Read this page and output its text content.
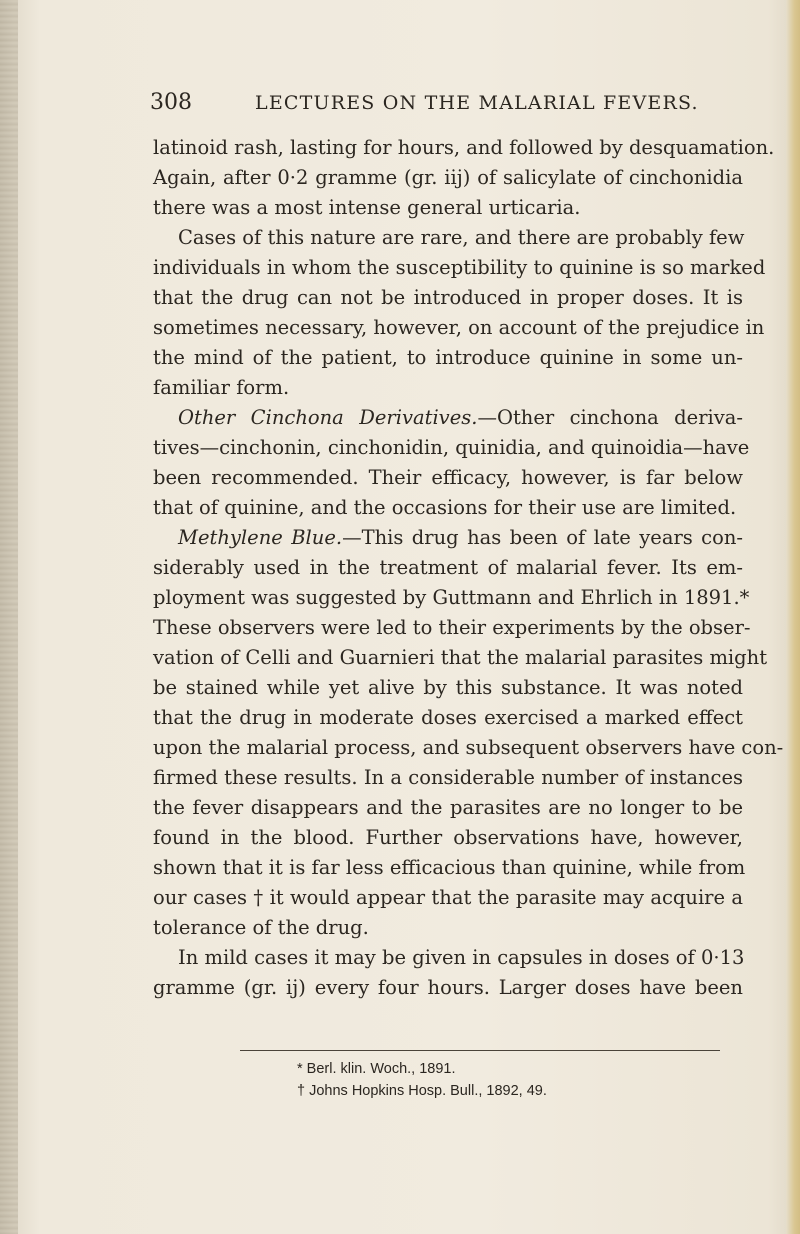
308	LECTURES ON THE MALARIAL FEVERS.
latinoid rash, lasting for hours, and followed by desquamation.
Again, after 0·2 gramme (gr. iij) of salicylate of cinchonidia
there was a most intense general urticaria.
Cases of this nature are rare, and there are probably few
individuals in whom the susceptibility to quinine is so marked
that the drug can not be introduced in proper doses. It is
sometimes necessary, however, on account of the prejudice in
the mind of the patient, to introduce quinine in some un-
familiar form.
Other Cinchona Derivatives.—Other cinchona deriva-
tives—cinchonin, cinchonidin, quinidia, and quinoidia—have
been recommended. Their efficacy, however, is far below
that of quinine, and the occasions for their use are limited.
Methylene Blue.—This drug has been of late years con-
siderably used in the treatment of malarial fever. Its em-
ployment was suggested by Guttmann and Ehrlich in 1891.*
These observers were led to their experiments by the obser-
vation of Celli and Guarnieri that the malarial parasites might
be stained while yet alive by this substance. It was noted
that the drug in moderate doses exercised a marked effect
upon the malarial process, and subsequent observers have con-
firmed these results. In a considerable number of instances
the fever disappears and the parasites are no longer to be
found in the blood. Further observations have, however,
shown that it is far less efficacious than quinine, while from
our cases † it would appear that the parasite may acquire a
tolerance of the drug.
In mild cases it may be given in capsules in doses of 0·13
gramme (gr. ij) every four hours. Larger doses have been
* Berl. klin. Woch., 1891.
† Johns Hopkins Hosp. Bull., 1892, 49.
